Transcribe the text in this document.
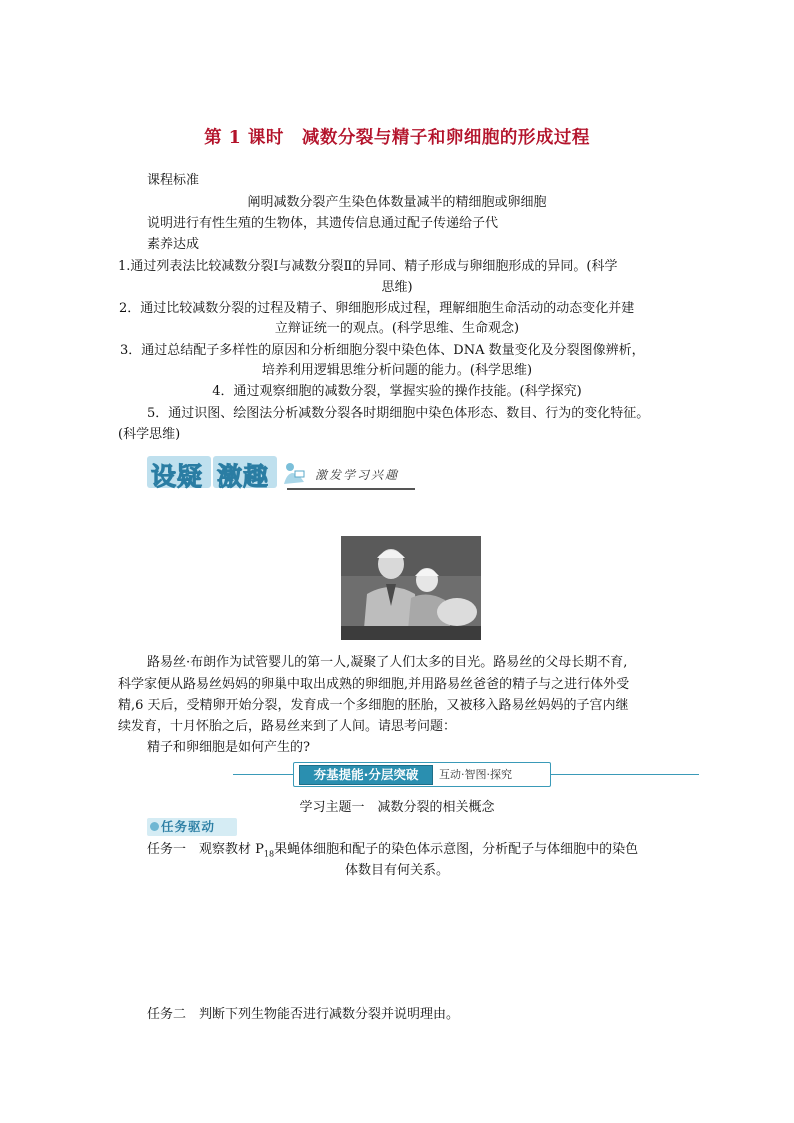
第 1 课时　减数分裂与精子和卵细胞的形成过程
课程标准
阐明减数分裂产生染色体数量减半的精细胞或卵细胞
说明进行有性生殖的生物体，其遗传信息通过配子传递给子代
素养达成
1.通过列表法比较减数分裂Ⅰ与减数分裂Ⅱ的异同、精子形成与卵细胞形成的异同。(科学
思维)
2．通过比较减数分裂的过程及精子、卵细胞形成过程，理解细胞生命活动的动态变化并建
立辩证统一的观点。(科学思维、生命观念)
3．通过总结配子多样性的原因和分析细胞分裂中染色体、DNA 数量变化及分裂图像辨析，
培养利用逻辑思维分析问题的能力。(科学思维)
4．通过观察细胞的减数分裂，掌握实验的操作技能。(科学探究)
5．通过识图、绘图法分析减数分裂各时期细胞中染色体形态、数目、行为的变化特征。
(科学思维)
设疑 激趣	激发学习兴趣
路易丝·布朗作为试管婴儿的第一人,凝聚了人们太多的目光。路易丝的父母长期不育,
科学家便从路易丝妈妈的卵巢中取出成熟的卵细胞,并用路易丝爸爸的精子与之进行体外受
精,6 天后，受精卵开始分裂，发育成一个多细胞的胚胎，又被移入路易丝妈妈的子宫内继
续发育，十月怀胎之后，路易丝来到了人间。请思考问题：
精子和卵细胞是如何产生的?
夯基提能·分层突破	互动·智图·探究
学习主题一　减数分裂的相关概念
任务驱动
任务一　观察教材 $P_{18}$果蝇体细胞和配子的染色体示意图，分析配子与体细胞中的染色
体数目有何关系。
任务二　判断下列生物能否进行减数分裂并说明理由。
